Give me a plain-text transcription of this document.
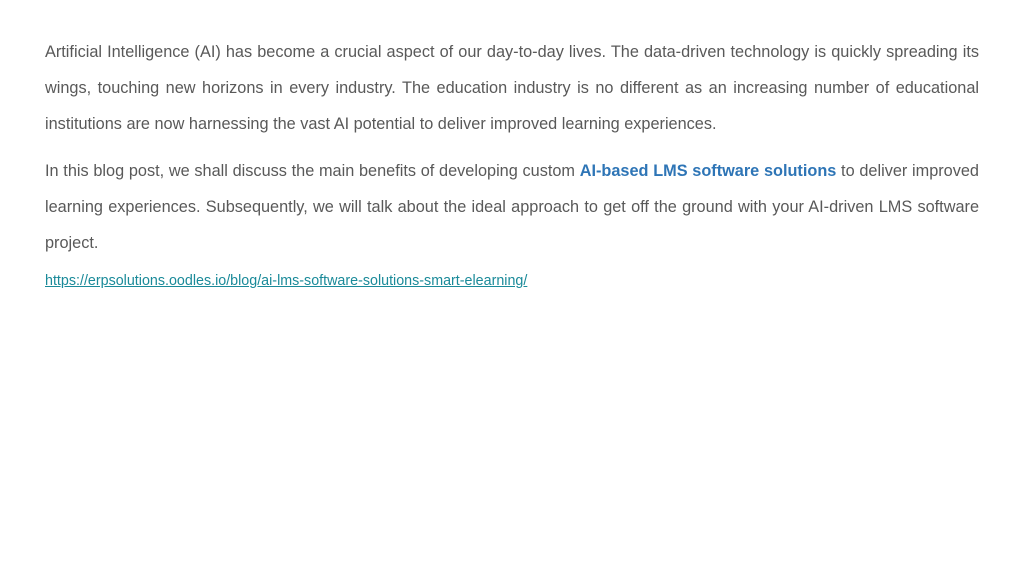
Artificial Intelligence (AI) has become a crucial aspect of our day-to-day lives. The data-driven technology is quickly spreading its wings, touching new horizons in every industry. The education industry is no different as an increasing number of educational institutions are now harnessing the vast AI potential to deliver improved learning experiences.

In this blog post, we shall discuss the main benefits of developing custom AI-based LMS software solutions to deliver improved learning experiences. Subsequently, we will talk about the ideal approach to get off the ground with your AI-driven LMS software project.

https://erpsolutions.oodles.io/blog/ai-lms-software-solutions-smart-elearning/
